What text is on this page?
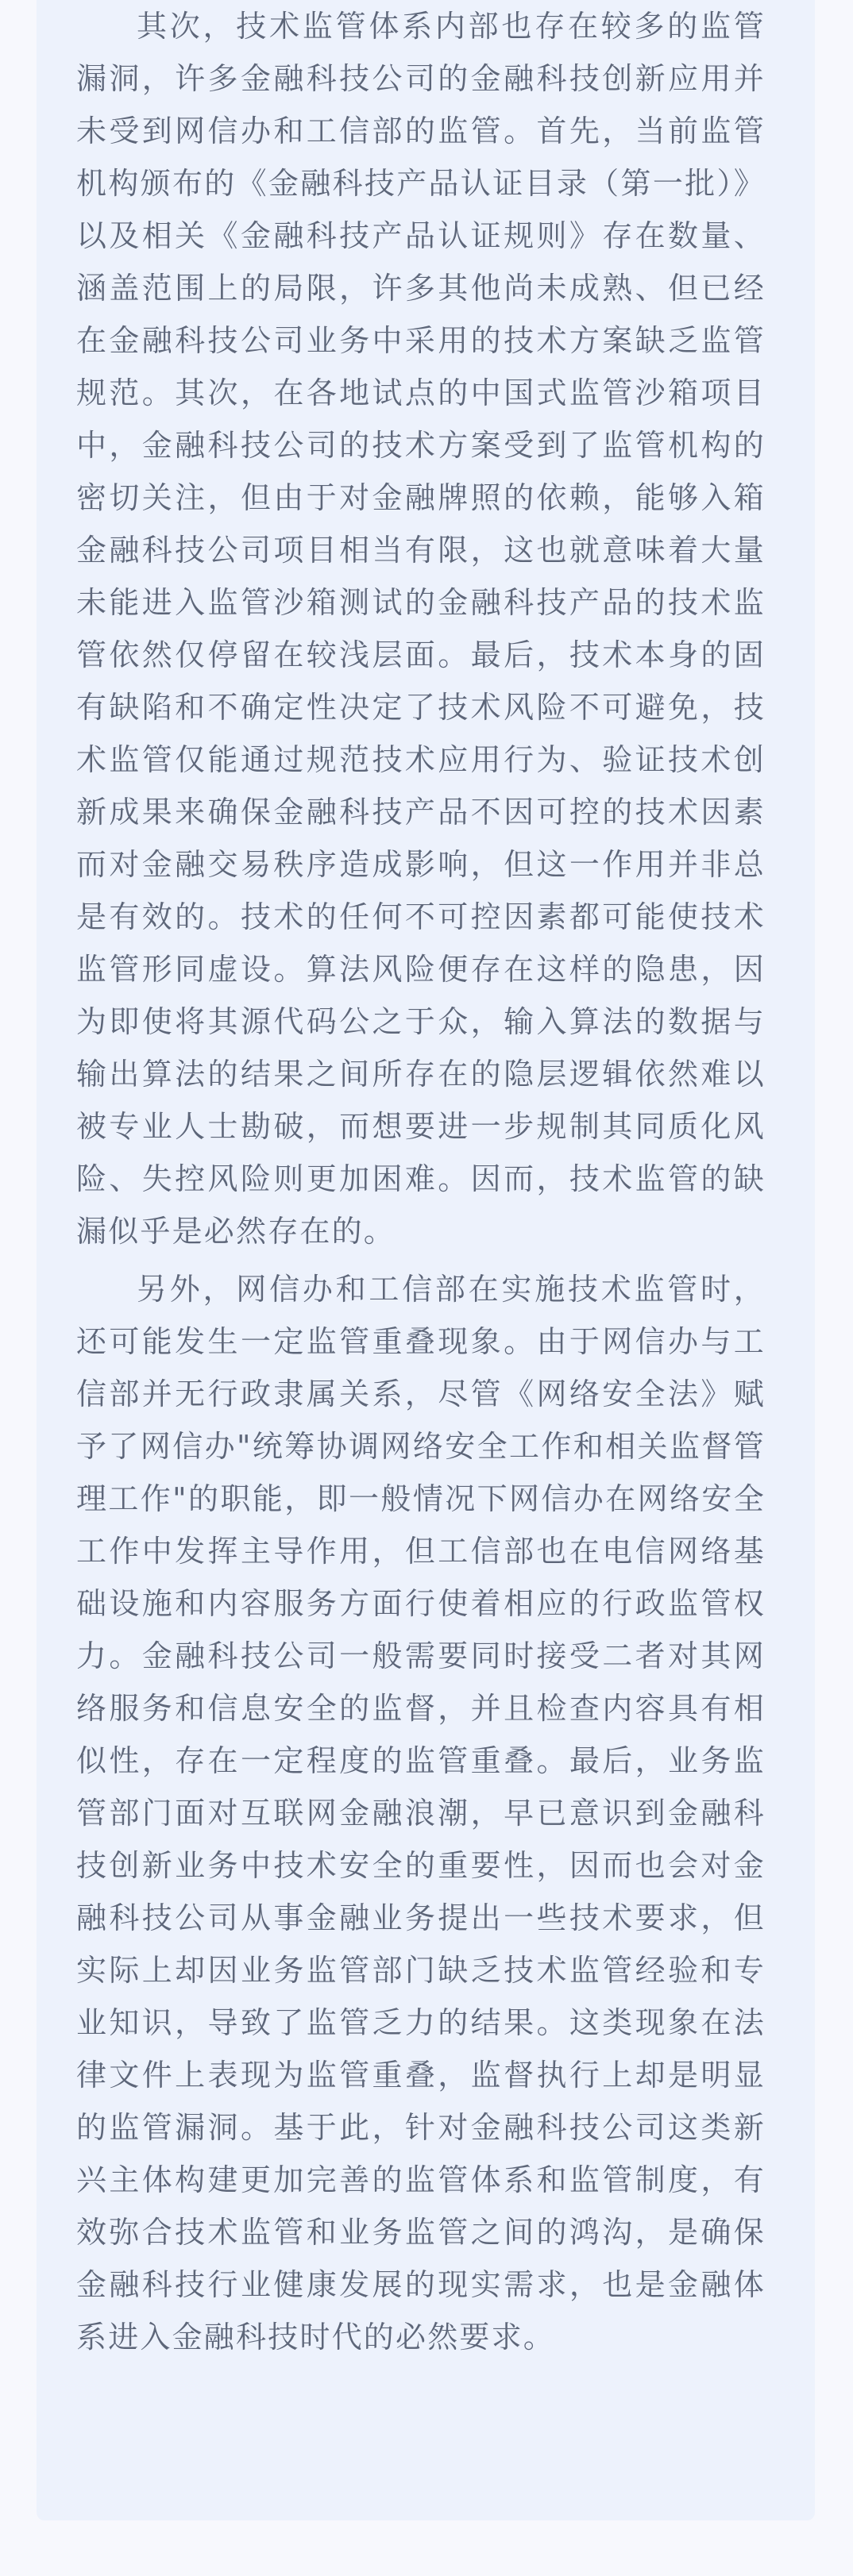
其次，技术监管体系内部也存在较多的监管漏洞，许多金融科技公司的金融科技创新应用并未受到网信办和工信部的监管。首先，当前监管机构颁布的《金融科技产品认证目录（第一批）》以及相关《金融科技产品认证规则》存在数量、涵盖范围上的局限，许多其他尚未成熟、但已经在金融科技公司业务中采用的技术方案缺乏监管规范。其次，在各地试点的中国式监管沙箱项目中，金融科技公司的技术方案受到了监管机构的密切关注，但由于对金融牌照的依赖，能够入箱金融科技公司项目相当有限，这也就意味着大量未能进入监管沙箱测试的金融科技产品的技术监管依然仅停留在较浅层面。最后，技术本身的固有缺陷和不确定性决定了技术风险不可避免，技术监管仅能通过规范技术应用行为、验证技术创新成果来确保金融科技产品不因可控的技术因素而对金融交易秩序造成影响，但这一作用并非总是有效的。技术的任何不可控因素都可能使技术监管形同虚设。算法风险便存在这样的隐患，因为即使将其源代码公之于众，输入算法的数据与输出算法的结果之间所存在的隐层逻辑依然难以被专业人士勘破，而想要进一步规制其同质化风险、失控风险则更加困难。因而，技术监管的缺漏似乎是必然存在的。

另外，网信办和工信部在实施技术监管时，还可能发生一定监管重叠现象。由于网信办与工信部并无行政隶属关系，尽管《网络安全法》赋予了网信办"统筹协调网络安全工作和相关监督管理工作"的职能，即一般情况下网信办在网络安全工作中发挥主导作用，但工信部也在电信网络基础设施和内容服务方面行使着相应的行政监管权力。金融科技公司一般需要同时接受二者对其网络服务和信息安全的监督，并且检查内容具有相似性，存在一定程度的监管重叠。最后，业务监管部门面对互联网金融浪潮，早已意识到金融科技创新业务中技术安全的重要性，因而也会对金融科技公司从事金融业务提出一些技术要求，但实际上却因业务监管部门缺乏技术监管经验和专业知识，导致了监管乏力的结果。这类现象在法律文件上表现为监管重叠，监督执行上却是明显的监管漏洞。基于此，针对金融科技公司这类新兴主体构建更加完善的监管体系和监管制度，有效弥合技术监管和业务监管之间的鸿沟，是确保金融科技行业健康发展的现实需求，也是金融体系进入金融科技时代的必然要求。
